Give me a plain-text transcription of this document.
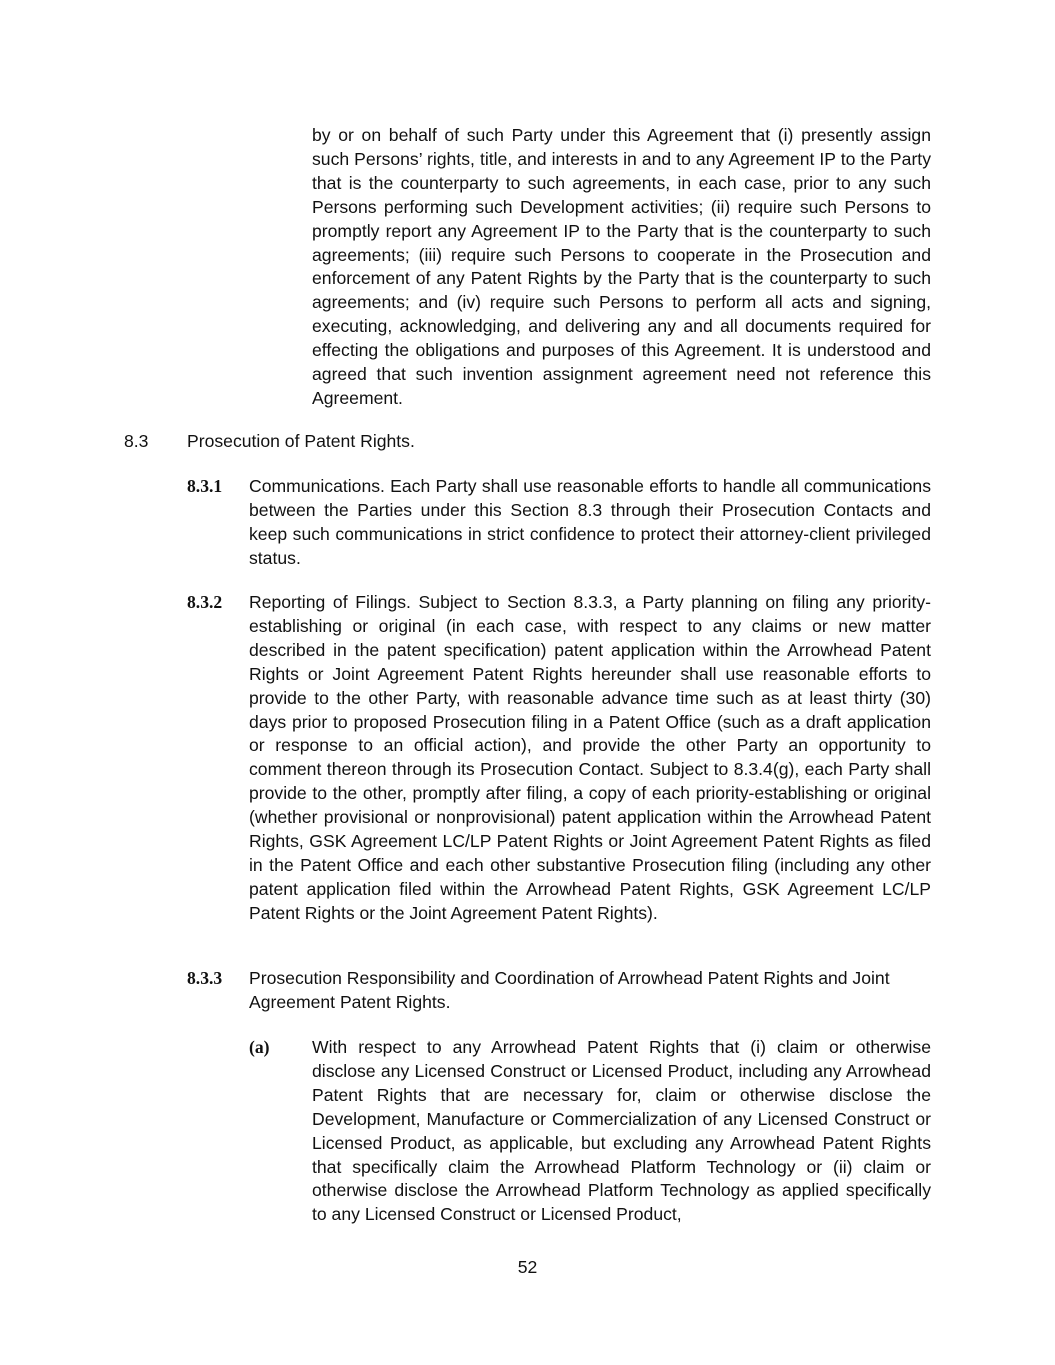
by or on behalf of such Party under this Agreement that (i) presently assign such Persons’ rights, title, and interests in and to any Agreement IP to the Party that is the counterparty to such agreements, in each case, prior to any such Persons performing such Development activities; (ii) require such Persons to promptly report any Agreement IP to the Party that is the counterparty to such agreements; (iii) require such Persons to cooperate in the Prosecution and enforcement of any Patent Rights by the Party that is the counterparty to such agreements; and (iv) require such Persons to perform all acts and signing, executing, acknowledging, and delivering any and all documents required for effecting the obligations and purposes of this Agreement. It is understood and agreed that such invention assignment agreement need not reference this Agreement.

8.3 Prosecution of Patent Rights.
8.3.1 Communications. Each Party shall use reasonable efforts to handle all communications between the Parties under this Section 8.3 through their Prosecution Contacts and keep such communications in strict confidence to protect their attorney-client privileged status.

8.3.2 Reporting of Filings. Subject to Section 8.3.3, a Party planning on filing any priority-establishing or original (in each case, with respect to any claims or new matter described in the patent specification) patent application within the Arrowhead Patent Rights or Joint Agreement Patent Rights hereunder shall use reasonable efforts to provide to the other Party, with reasonable advance time such as at least thirty (30) days prior to proposed Prosecution filing in a Patent Office (such as a draft application or response to an official action), and provide the other Party an opportunity to comment thereon through its Prosecution Contact. Subject to 8.3.4(g), each Party shall provide to the other, promptly after filing, a copy of each priority-establishing or original (whether provisional or nonprovisional) patent application within the Arrowhead Patent Rights, GSK Agreement LC/LP Patent Rights or Joint Agreement Patent Rights as filed in the Patent Office and each other substantive Prosecution filing (including any other patent application filed within the Arrowhead Patent Rights, GSK Agreement LC/LP Patent Rights or the Joint Agreement Patent Rights).

8.3.3 Prosecution Responsibility and Coordination of Arrowhead Patent Rights and Joint Agreement Patent Rights.

(a) With respect to any Arrowhead Patent Rights that (i) claim or otherwise disclose any Licensed Construct or Licensed Product, including any Arrowhead Patent Rights that are necessary for, claim or otherwise disclose the Development, Manufacture or Commercialization of any Licensed Construct or Licensed Product, as applicable, but excluding any Arrowhead Patent Rights that specifically claim the Arrowhead Platform Technology or (ii) claim or otherwise disclose the Arrowhead Platform Technology as applied specifically to any Licensed Construct or Licensed Product,

52
